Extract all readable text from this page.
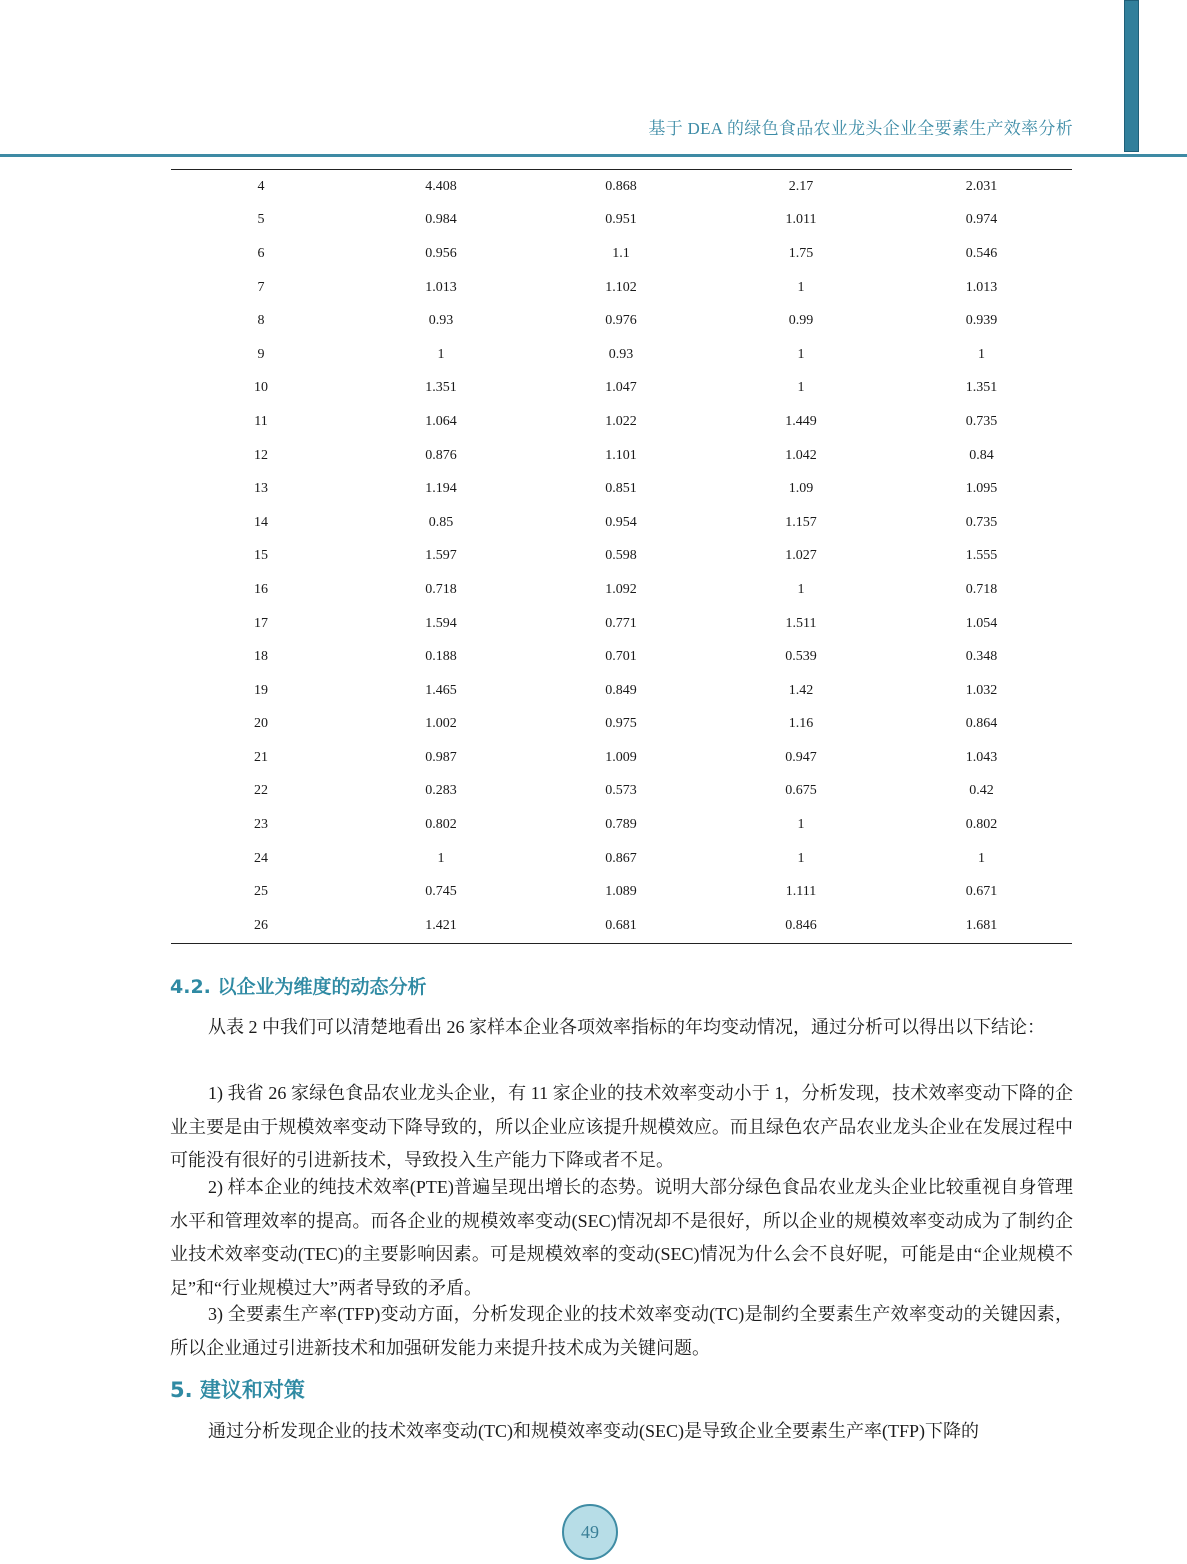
基于 DEA 的绿色食品农业龙头企业全要素生产效率分析
4	4.408	0.868	2.17	2.031
5	0.984	0.951	1.011	0.974
6	0.956	1.1	1.75	0.546
7	1.013	1.102	1	1.013
8	0.93	0.976	0.99	0.939
9	1	0.93	1	1
10	1.351	1.047	1	1.351
11	1.064	1.022	1.449	0.735
12	0.876	1.101	1.042	0.84
13	1.194	0.851	1.09	1.095
14	0.85	0.954	1.157	0.735
15	1.597	0.598	1.027	1.555
16	0.718	1.092	1	0.718
17	1.594	0.771	1.511	1.054
18	0.188	0.701	0.539	0.348
19	1.465	0.849	1.42	1.032
20	1.002	0.975	1.16	0.864
21	0.987	1.009	0.947	1.043
22	0.283	0.573	0.675	0.42
23	0.802	0.789	1	0.802
24	1	0.867	1	1
25	0.745	1.089	1.111	0.671
26	1.421	0.681	0.846	1.681
4.2. 以企业为维度的动态分析

从表 2 中我们可以清楚地看出 26 家样本企业各项效率指标的年均变动情况，通过分析可以得出以下结论：

1) 我省 26 家绿色食品农业龙头企业，有 11 家企业的技术效率变动小于 1，分析发现，技术效率变动下降的企业主要是由于规模效率变动下降导致的，所以企业应该提升规模效应。而且绿色农产品农业龙头企业在发展过程中可能没有很好的引进新技术，导致投入生产能力下降或者不足。

2) 样本企业的纯技术效率(PTE)普遍呈现出增长的态势。说明大部分绿色食品农业龙头企业比较重视自身管理水平和管理效率的提高。而各企业的规模效率变动(SEC)情况却不是很好，所以企业的规模效率变动成为了制约企业技术效率变动(TEC)的主要影响因素。可是规模效率的变动(SEC)情况为什么会不良好呢，可能是由“企业规模不足”和“行业规模过大”两者导致的矛盾。

3) 全要素生产率(TFP)变动方面，分析发现企业的技术效率变动(TC)是制约全要素生产效率变动的关键因素，所以企业通过引进新技术和加强研发能力来提升技术成为关键问题。

5. 建议和对策

通过分析发现企业的技术效率变动(TC)和规模效率变动(SEC)是导致企业全要素生产率(TFP)下降的

49
